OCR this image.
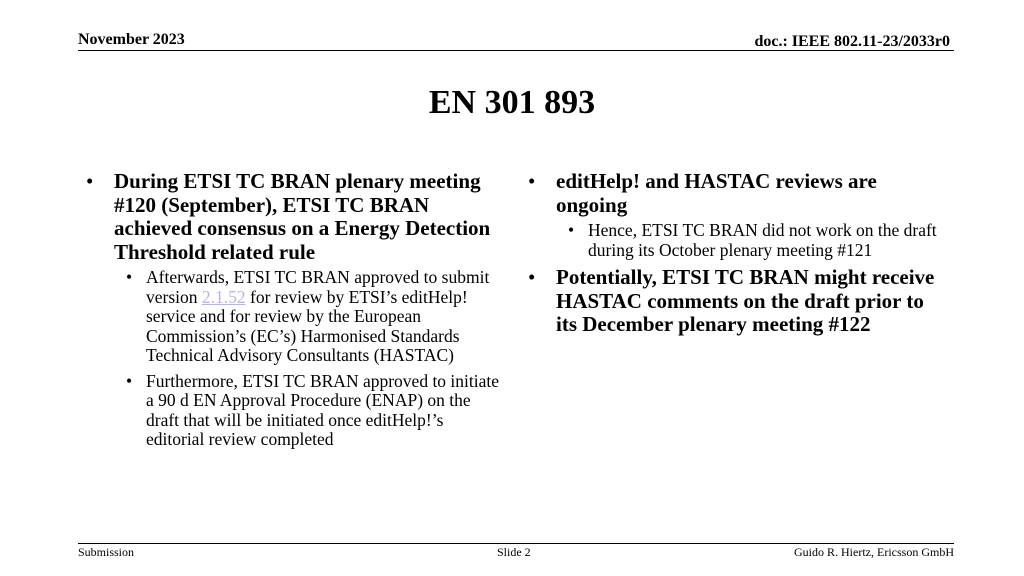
November 2023	doc.: IEEE 802.11-23/2033r0
EN 301 893
• During ETSI TC BRAN plenary meeting #120 (September), ETSI TC BRAN achieved consensus on a Energy Detection Threshold related rule
• Afterwards, ETSI TC BRAN approved to submit version 2.1.52 for review by ETSI’s editHelp! service and for review by the European Commission’s (EC’s) Harmonised Standards Technical Advisory Consultants (HASTAC)
• Furthermore, ETSI TC BRAN approved to initiate a 90 d EN Approval Procedure (ENAP) on the draft that will be initiated once editHelp!’s editorial review completed
• editHelp! and HASTAC reviews are ongoing
• Hence, ETSI TC BRAN did not work on the draft during its October plenary meeting #121
• Potentially, ETSI TC BRAN might receive HASTAC comments on the draft prior to its December plenary meeting #122
Submission	Slide 2	Guido R. Hiertz, Ericsson GmbH
